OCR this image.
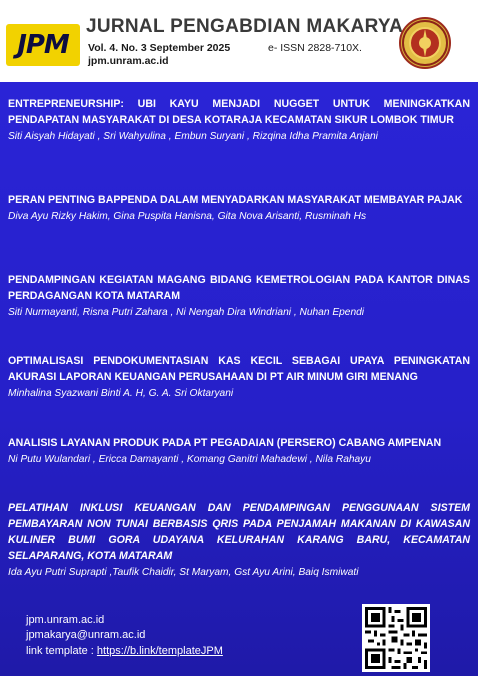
JPM
JURNAL PENGABDIAN MAKARYA
Vol. 4. No. 3 September 2025	e- ISSN 2828-710X.
jpm.unram.ac.id
ENTREPRENEURSHIP: UBI KAYU MENJADI NUGGET UNTUK MENINGKATKAN PENDAPATAN MASYARAKAT DI DESA KOTARAJA KECAMATAN SIKUR LOMBOK TIMUR
Siti Aisyah Hidayati , Sri Wahyulina , Embun Suryani , Rizqina Idha Pramita Anjani
PERAN PENTING BAPPENDA DALAM MENYADARKAN MASYARAKAT MEMBAYAR PAJAK
Diva Ayu Rizky Hakim, Gina Puspita Hanisna, Gita Nova Arisanti, Rusminah Hs
PENDAMPINGAN KEGIATAN MAGANG BIDANG KEMETROLOGIAN PADA KANTOR DINAS PERDAGANGAN KOTA MATARAM
Siti Nurmayanti, Risna Putri Zahara , Ni Nengah Dira Windriani , Nuhan Ependi
OPTIMALISASI PENDOKUMENTASIAN KAS KECIL SEBAGAI UPAYA PENINGKATAN AKURASI LAPORAN KEUANGAN PERUSAHAAN DI PT AIR MINUM GIRI MENANG
Minhalina Syazwani Binti A. H, G. A. Sri Oktaryani
ANALISIS LAYANAN PRODUK PADA PT PEGADAIAN (PERSERO) CABANG AMPENAN
Ni Putu Wulandari , Ericca Damayanti , Komang Ganitri Mahadewi , Nila Rahayu
PELATIHAN INKLUSI KEUANGAN DAN PENDAMPINGAN PENGGUNAAN SISTEM PEMBAYARAN NON TUNAI BERBASIS QRIS PADA PENJAMAH MAKANAN DI KAWASAN KULINER BUMI GORA UDAYANA KELURAHAN KARANG BARU, KECAMATAN SELAPARANG, KOTA MATARAM
Ida Ayu Putri Suprapti ,Taufik Chaidir, St Maryam, Gst Ayu Arini, Baiq Ismiwati
jpm.unram.ac.id
jpmakarya@unram.ac.id
link template : https://b.link/templateJPM
